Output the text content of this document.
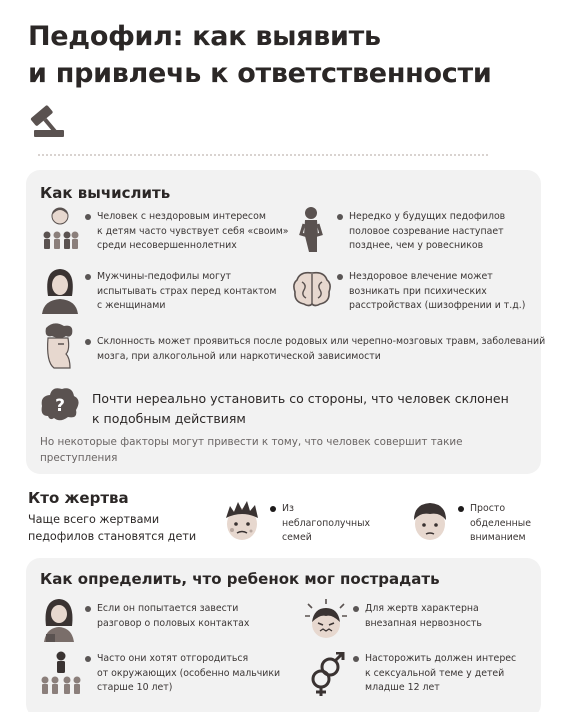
Педофил: как выявить
и привлечь к ответственности
Как вычислить
Человек с нездоровым интересом
к детям часто чувствует себя «своим»
среди несовершеннолетних
Нередко у будущих педофилов
половое созревание наступает
позднее, чем у ровесников
Мужчины-педофилы могут
испытывать страх перед контактом
с женщинами
Нездоровое влечение может
возникать при психических
расстройствах (шизофрении и т.д.)
Склонность может проявиться после родовых или черепно-мозговых травм, заболеваний
мозга, при алкогольной или наркотической зависимости
? Почти нереально установить со стороны, что человек склонен
к подобным действиям
Но некоторые факторы могут привести к тому, что человек совершит такие
преступления
Кто жертва
Чаще всего жертвами
педофилов становятся дети
Из
неблагополучных
семей
Просто
обделенные
вниманием
Как определить, что ребенок мог пострадать
Если он попытается завести
разговор о половых контактах
Для жертв характерна
внезапная нервозность
Часто они хотят отгородиться
от окружающих (особенно мальчики
старше 10 лет)
Насторожить должен интерес
к сексуальной теме у детей
младше 12 лет
